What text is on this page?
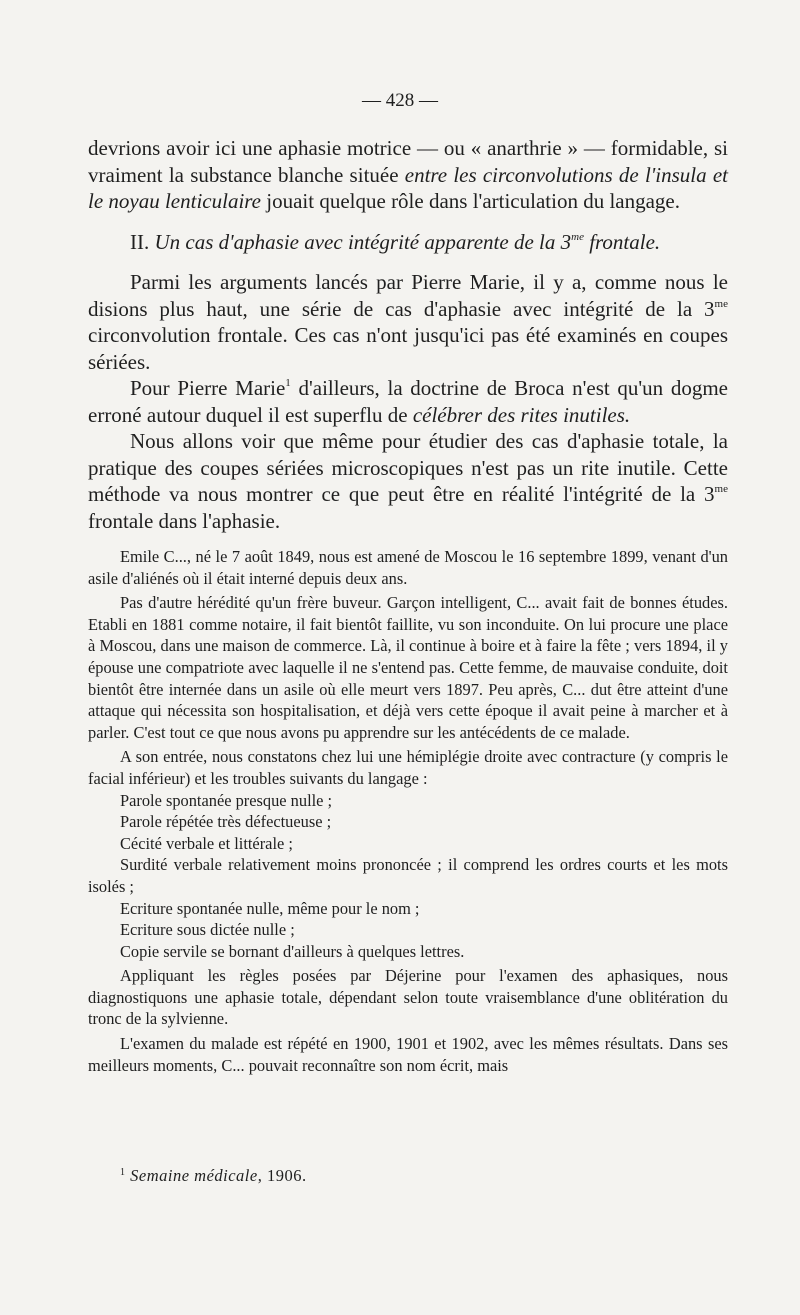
— 428 —

devrions avoir ici une aphasie motrice — ou « anarthrie » — formidable, si vraiment la substance blanche située entre les circonvolutions de l'insula et le noyau lenticulaire jouait quelque rôle dans l'articulation du langage.

II. Un cas d'aphasie avec intégrité apparente de la $3^{me}$ frontale.

Parmi les arguments lancés par Pierre Marie, il y a, comme nous le disions plus haut, une série de cas d'aphasie avec intégrité de la $3^{me}$ circonvolution frontale. Ces cas n'ont jusqu'ici pas été examinés en coupes sériées.

Pour Pierre Marie$^1$ d'ailleurs, la doctrine de Broca n'est qu'un dogme erroné autour duquel il est superflu de célébrer des rites inutiles.

Nous allons voir que même pour étudier des cas d'aphasie totale, la pratique des coupes sériées microscopiques n'est pas un rite inutile. Cette méthode va nous montrer ce que peut être en réalité l'intégrité de la $3^{me}$ frontale dans l'aphasie.

Emile C..., né le 7 août 1849, nous est amené de Moscou le 16 septembre 1899, venant d'un asile d'aliénés où il était interné depuis deux ans.

Pas d'autre hérédité qu'un frère buveur. Garçon intelligent, C... avait fait de bonnes études. Etabli en 1881 comme notaire, il fait bientôt faillite, vu son inconduite. On lui procure une place à Moscou, dans une maison de commerce. Là, il continue à boire et à faire la fête ; vers 1894, il y épouse une compatriote avec laquelle il ne s'entend pas. Cette femme, de mauvaise conduite, doit bientôt être internée dans un asile où elle meurt vers 1897. Peu après, C... dut être atteint d'une attaque qui nécessita son hospitalisation, et déjà vers cette époque il avait peine à marcher et à parler. C'est tout ce que nous avons pu apprendre sur les antécédents de ce malade.

A son entrée, nous constatons chez lui une hémiplégie droite avec contracture (y compris le facial inférieur) et les troubles suivants du langage :

Parole spontanée presque nulle ;

Parole répétée très défectueuse ;

Cécité verbale et littérale ;

Surdité verbale relativement moins prononcée ; il comprend les ordres courts et les mots isolés ;

Ecriture spontanée nulle, même pour le nom ;

Ecriture sous dictée nulle ;

Copie servile se bornant d'ailleurs à quelques lettres.

Appliquant les règles posées par Déjerine pour l'examen des aphasiques, nous diagnostiquons une aphasie totale, dépendant selon toute vraisemblance d'une oblitération du tronc de la sylvienne.

L'examen du malade est répété en 1900, 1901 et 1902, avec les mêmes résultats. Dans ses meilleurs moments, C... pouvait reconnaître son nom écrit, mais

$^1$ Semaine médicale, 1906.
